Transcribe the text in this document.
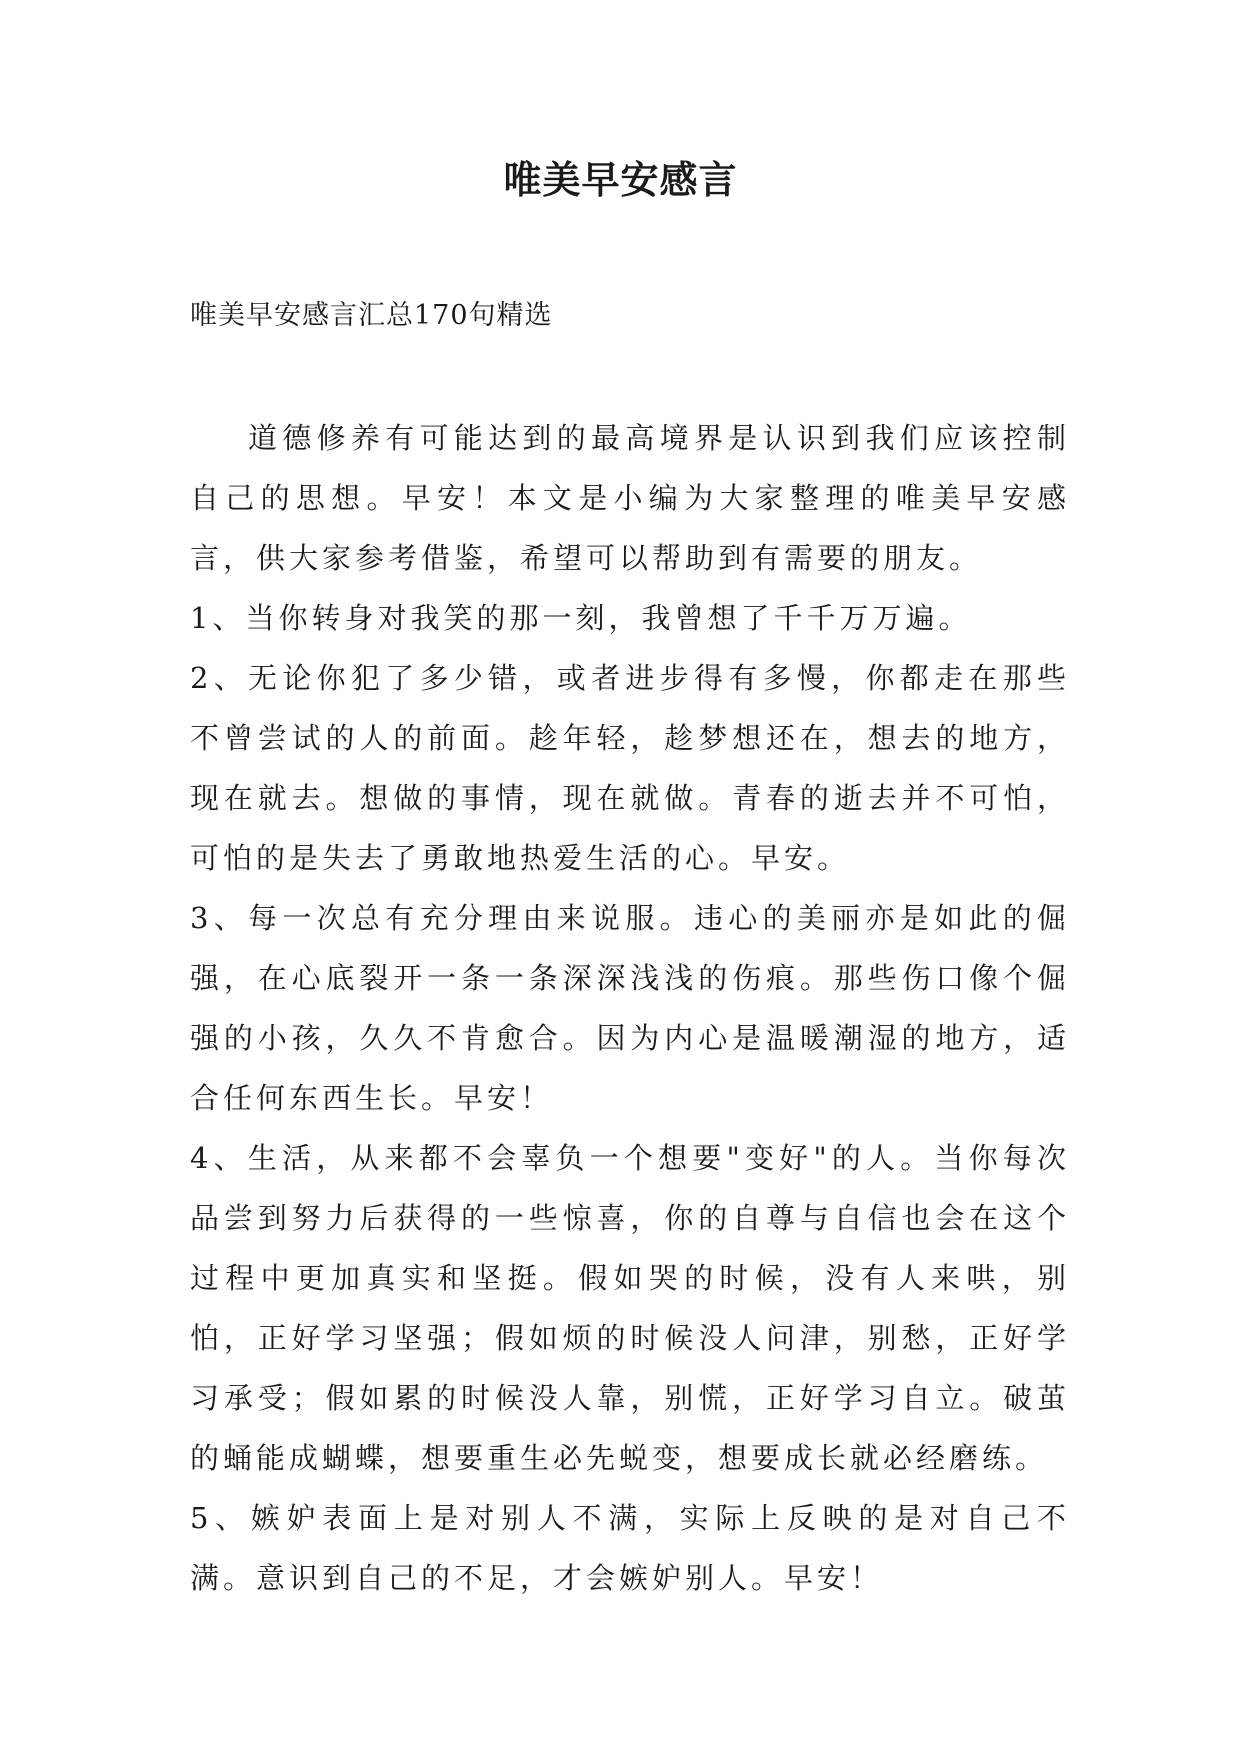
唯美早安感言

唯美早安感言汇总170句精选

道德修养有可能达到的最高境界是认识到我们应该控制自己的思想。早安！本文是小编为大家整理的唯美早安感言，供大家参考借鉴，希望可以帮助到有需要的朋友。

1、当你转身对我笑的那一刻，我曾想了千千万万遍。

2、无论你犯了多少错，或者进步得有多慢，你都走在那些不曾尝试的人的前面。趁年轻，趁梦想还在，想去的地方，现在就去。想做的事情，现在就做。青春的逝去并不可怕，可怕的是失去了勇敢地热爱生活的心。早安。

3、每一次总有充分理由来说服。违心的美丽亦是如此的倔强，在心底裂开一条一条深深浅浅的伤痕。那些伤口像个倔强的小孩，久久不肯愈合。因为内心是温暖潮湿的地方，适合任何东西生长。早安！

4、生活，从来都不会辜负一个想要"变好"的人。当你每次品尝到努力后获得的一些惊喜，你的自尊与自信也会在这个过程中更加真实和坚挺。假如哭的时候，没有人来哄，别怕，正好学习坚强；假如烦的时候没人问津，别愁，正好学习承受；假如累的时候没人靠，别慌，正好学习自立。破茧的蛹能成蝴蝶，想要重生必先蜕变，想要成长就必经磨练。

5、嫉妒表面上是对别人不满，实际上反映的是对自己不满。意识到自己的不足，才会嫉妒别人。早安！
